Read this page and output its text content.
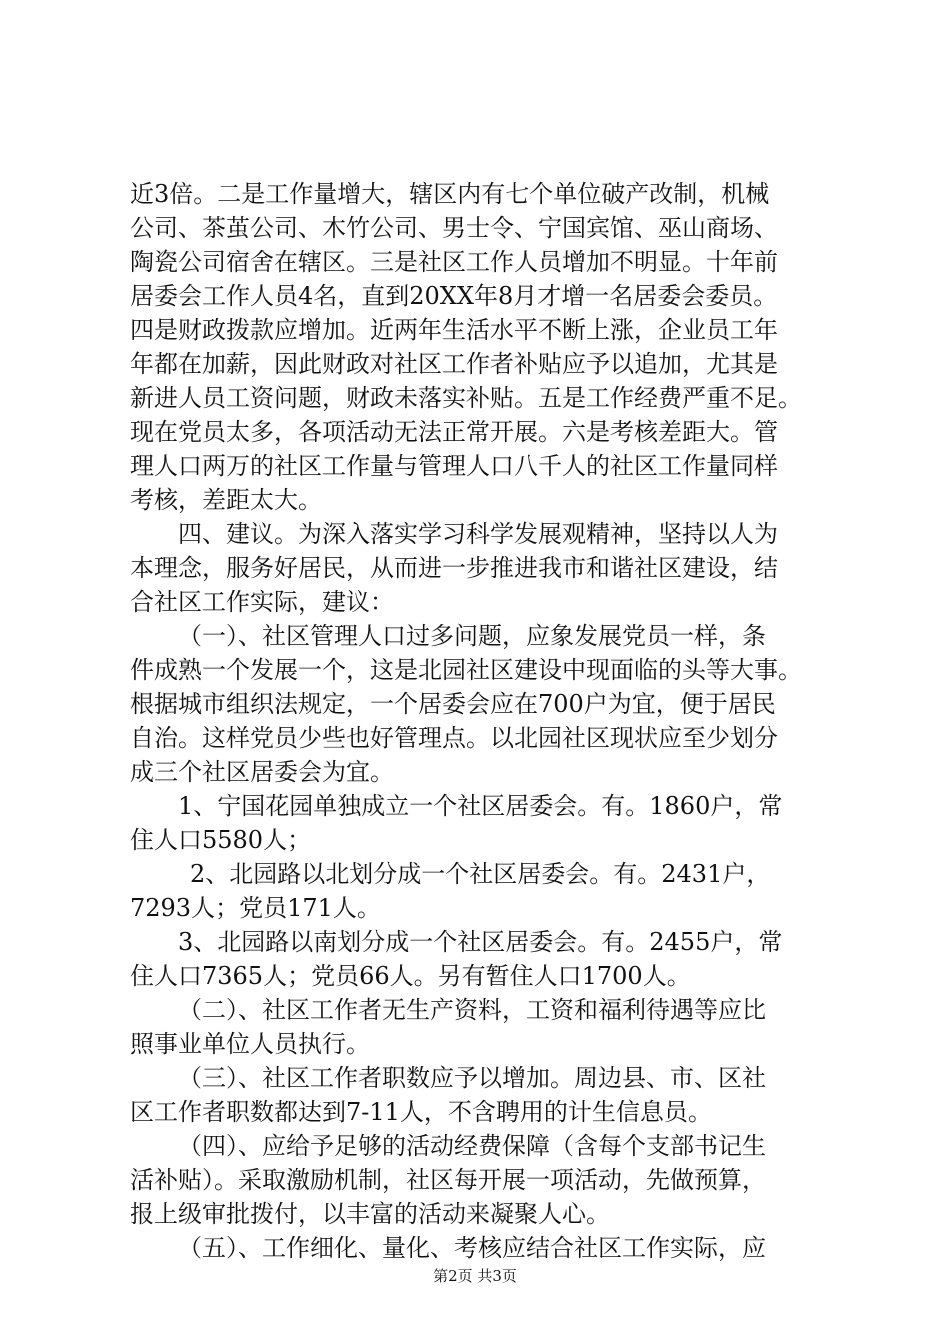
近3倍。二是工作量增大，辖区内有七个单位破产改制，机械
公司、茶茧公司、木竹公司、男士令、宁国宾馆、巫山商场、
陶瓷公司宿舍在辖区。三是社区工作人员增加不明显。十年前
居委会工作人员4名，直到20XX年8月才增一名居委会委员。
四是财政拨款应增加。近两年生活水平不断上涨，企业员工年
年都在加薪，因此财政对社区工作者补贴应予以追加，尤其是
新进人员工资问题，财政未落实补贴。五是工作经费严重不足。
现在党员太多，各项活动无法正常开展。六是考核差距大。管
理人口两万的社区工作量与管理人口八千人的社区工作量同样
考核，差距太大。
四、建议。为深入落实学习科学发展观精神，坚持以人为
本理念，服务好居民，从而进一步推进我市和谐社区建设，结
合社区工作实际，建议：
（一）、社区管理人口过多问题，应象发展党员一样，条
件成熟一个发展一个，这是北园社区建设中现面临的头等大事。
根据城市组织法规定，一个居委会应在700户为宜，便于居民
自治。这样党员少些也好管理点。以北园社区现状应至少划分
成三个社区居委会为宜。
1、宁国花园单独成立一个社区居委会。有。1860户，常
住人口5580人；
2、北园路以北划分成一个社区居委会。有。2431户，
7293人；党员171人。
3、北园路以南划分成一个社区居委会。有。2455户，常
住人口7365人；党员66人。另有暂住人口1700人。
（二）、社区工作者无生产资料，工资和福利待遇等应比
照事业单位人员执行。
（三）、社区工作者职数应予以增加。周边县、市、区社
区工作者职数都达到7-11人，不含聘用的计生信息员。
（四）、应给予足够的活动经费保障（含每个支部书记生
活补贴）。采取激励机制，社区每开展一项活动，先做预算，
报上级审批拨付，以丰富的活动来凝聚人心。
（五）、工作细化、量化、考核应结合社区工作实际，应
第2页 共3页
